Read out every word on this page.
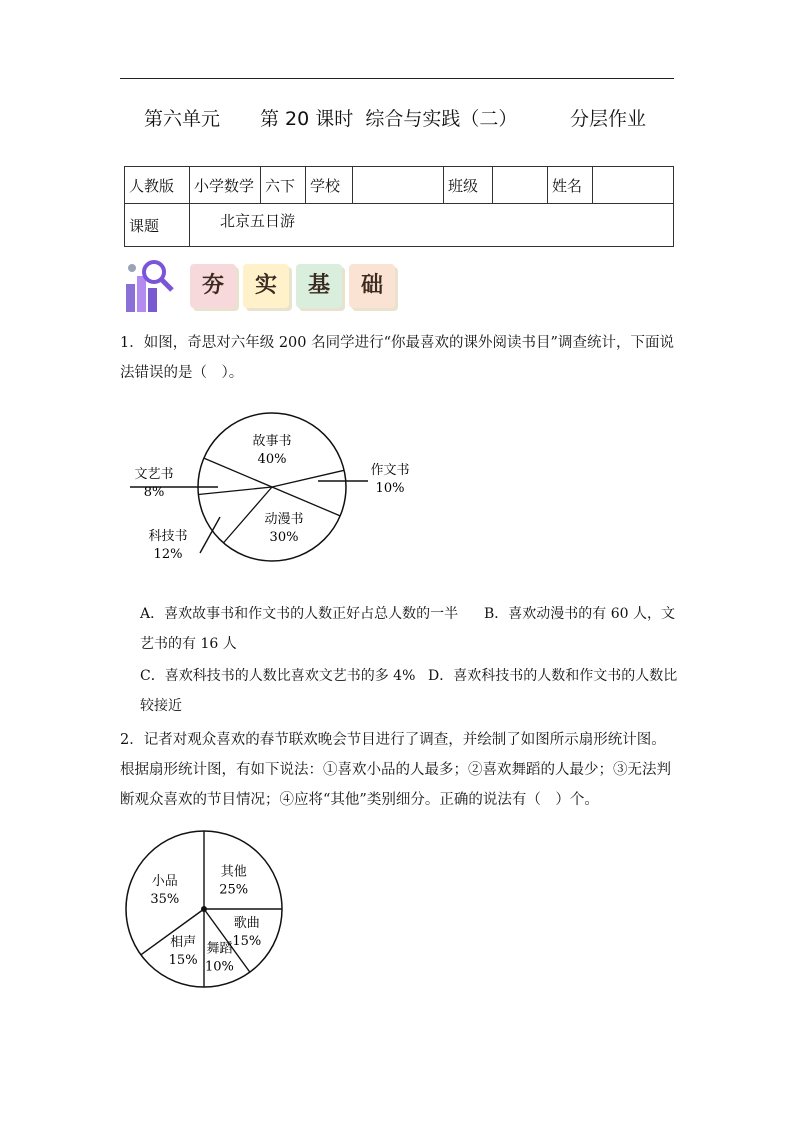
第六单元

第 20 课时  综合与实践（二）

	分层作业

人教版	小学数学	六下	学校		班级		姓名	
课题	北京五日游							
夯	实	基	础
1．如图，奇思对六年级 200 名同学进行“你最喜欢的课外阅读书目”调查统计，下面说法错误的是（　）。
故事书
40%
作文书
10%
动漫书
30%
科技书
12%
文艺书
8%
A．喜欢故事书和作文书的人数正好占总人数的一半 B．喜欢动漫书的有 60 人，文
艺书的有 16 人
C．喜欢科技书的人数比喜欢文艺书的多 4% D．喜欢科技书的人数和作文书的人数比
较接近
2．记者对观众喜欢的春节联欢晚会节目进行了调查，并绘制了如图所示扇形统计图。根据扇形统计图，有如下说法：①喜欢小品的人最多；②喜欢舞蹈的人最少；③无法判断观众喜欢的节目情况；④应将“其他”类别细分。正确的说法有（　）个。
其他
25%
歌曲
15%
舞蹈
10%
相声
15%
小品
35%
